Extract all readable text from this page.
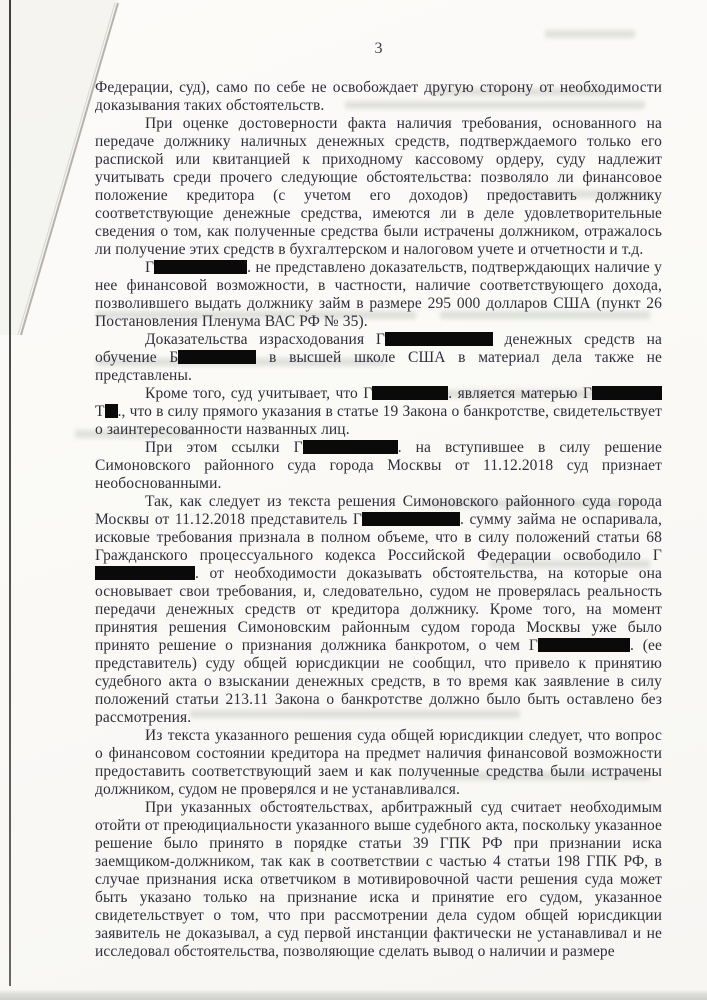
3

Федерации, суд), само по себе не освобождает другую сторону от необходимости доказывания таких обстоятельств.

При оценке достоверности факта наличия требования, основанного на передаче должнику наличных денежных средств, подтверждаемого только его распиской или квитанцией к приходному кассовому ордеру, суду надлежит учитывать среди прочего следующие обстоятельства: позволяло ли финансовое положение кредитора (с учетом его доходов) предоставить должнику соответствующие денежные средства, имеются ли в деле удовлетворительные сведения о том, как полученные средства были истрачены должником, отражалось ли получение этих средств в бухгалтерском и налоговом учете и отчетности и т.д.

Г	. не представлено доказательств, подтверждающих наличие у нее финансовой возможности, в частности, наличие соответствующего дохода, позволившего выдать должнику займ в размере 295 000 долларов США (пункт 26 Постановления Пленума ВАС РФ № 35).

Доказательства израсходования Г	денежных средств на обучение Б	в высшей школе США в материал дела также не представлены.

Кроме того, суд учитывает, что Г	. является матерью Г Т ., что в силу прямого указания в статье 19 Закона о банкротстве, свидетельствует о заинтересованности названных лиц.

При этом ссылки Г	. на вступившее в силу решение Симоновского районного суда города Москвы от 11.12.2018 суд признает необоснованными.

Так, как следует из текста решения Симоновского районного суда города Москвы от 11.12.2018 представитель Г	. сумму займа не оспаривала, исковые требования признала в полном объеме, что в силу положений статьи 68 Гражданского процессуального кодекса Российской Федерации освободило Г. от необходимости доказывать обстоятельства, на которые она основывает свои требования, и, следовательно, судом не проверялась реальность передачи денежных средств от кредитора должнику. Кроме того, на момент принятия решения Симоновским районным судом города Москвы уже было принято решение о признания должника банкротом, о чем Г	. (ее представитель) суду общей юрисдикции не сообщил, что привело к принятию судебного акта о взыскании денежных средств, в то время как заявление в силу положений статьи 213.11 Закона о банкротстве должно было быть оставлено без рассмотрения.

Из текста указанного решения суда общей юрисдикции следует, что вопрос о финансовом состоянии кредитора на предмет наличия финансовой возможности предоставить соответствующий заем и как полученные средства были истрачены должником, судом не проверялся и не устанавливался.

При указанных обстоятельствах, арбитражный суд считает необходимым отойти от преюдициальности указанного выше судебного акта, поскольку указанное решение было принято в порядке статьи 39 ГПК РФ при признании иска заемщиком-должником, так как в соответствии с частью 4 статьи 198 ГПК РФ, в случае признания иска ответчиком в мотивировочной части решения суда может быть указано только на признание иска и принятие его судом, указанное свидетельствует о том, что при рассмотрении дела судом общей юрисдикции заявитель не доказывал, а суд первой инстанции фактически не устанавливал и не исследовал обстоятельства, позволяющие сделать вывод о наличии и размере
